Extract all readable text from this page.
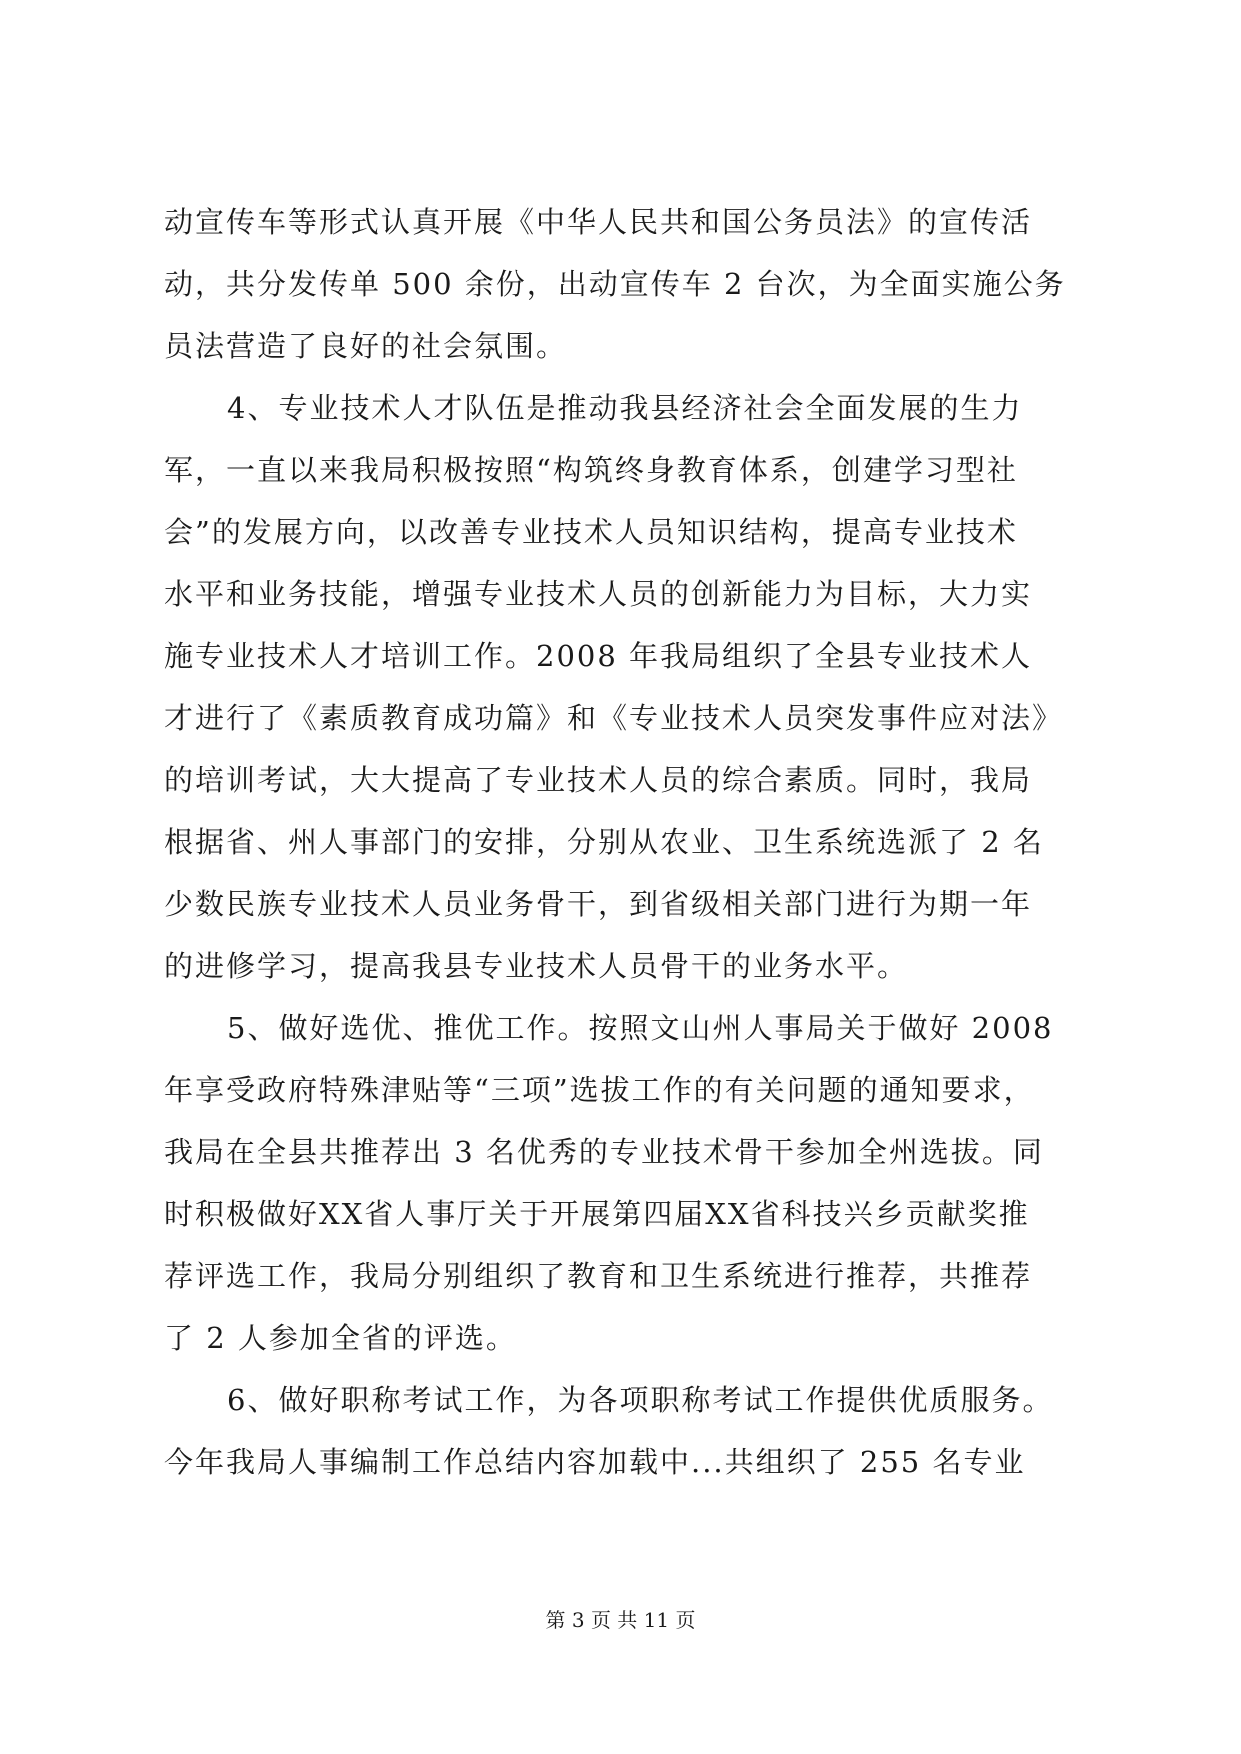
动宣传车等形式认真开展《中华人民共和国公务员法》的宣传活
动，共分发传单 500 余份，出动宣传车 2 台次，为全面实施公务
员法营造了良好的社会氛围。
4、专业技术人才队伍是推动我县经济社会全面发展的生力
军，一直以来我局积极按照“构筑终身教育体系，创建学习型社
会”的发展方向，以改善专业技术人员知识结构，提高专业技术
水平和业务技能，增强专业技术人员的创新能力为目标，大力实
施专业技术人才培训工作。2008 年我局组织了全县专业技术人
才进行了《素质教育成功篇》和《专业技术人员突发事件应对法》
的培训考试，大大提高了专业技术人员的综合素质。同时，我局
根据省、州人事部门的安排，分别从农业、卫生系统选派了 2 名
少数民族专业技术人员业务骨干，到省级相关部门进行为期一年
的进修学习，提高我县专业技术人员骨干的业务水平。
5、做好选优、推优工作。按照文山州人事局关于做好 2008
年享受政府特殊津贴等“三项”选拔工作的有关问题的通知要求，
我局在全县共推荐出 3 名优秀的专业技术骨干参加全州选拔。同
时积极做好XX省人事厅关于开展第四届XX省科技兴乡贡献奖推
荐评选工作，我局分别组织了教育和卫生系统进行推荐，共推荐
了 2 人参加全省的评选。
6、做好职称考试工作，为各项职称考试工作提供优质服务。
今年我局人事编制工作总结内容加载中...共组织了 255 名专业
第 3 页 共 11 页
